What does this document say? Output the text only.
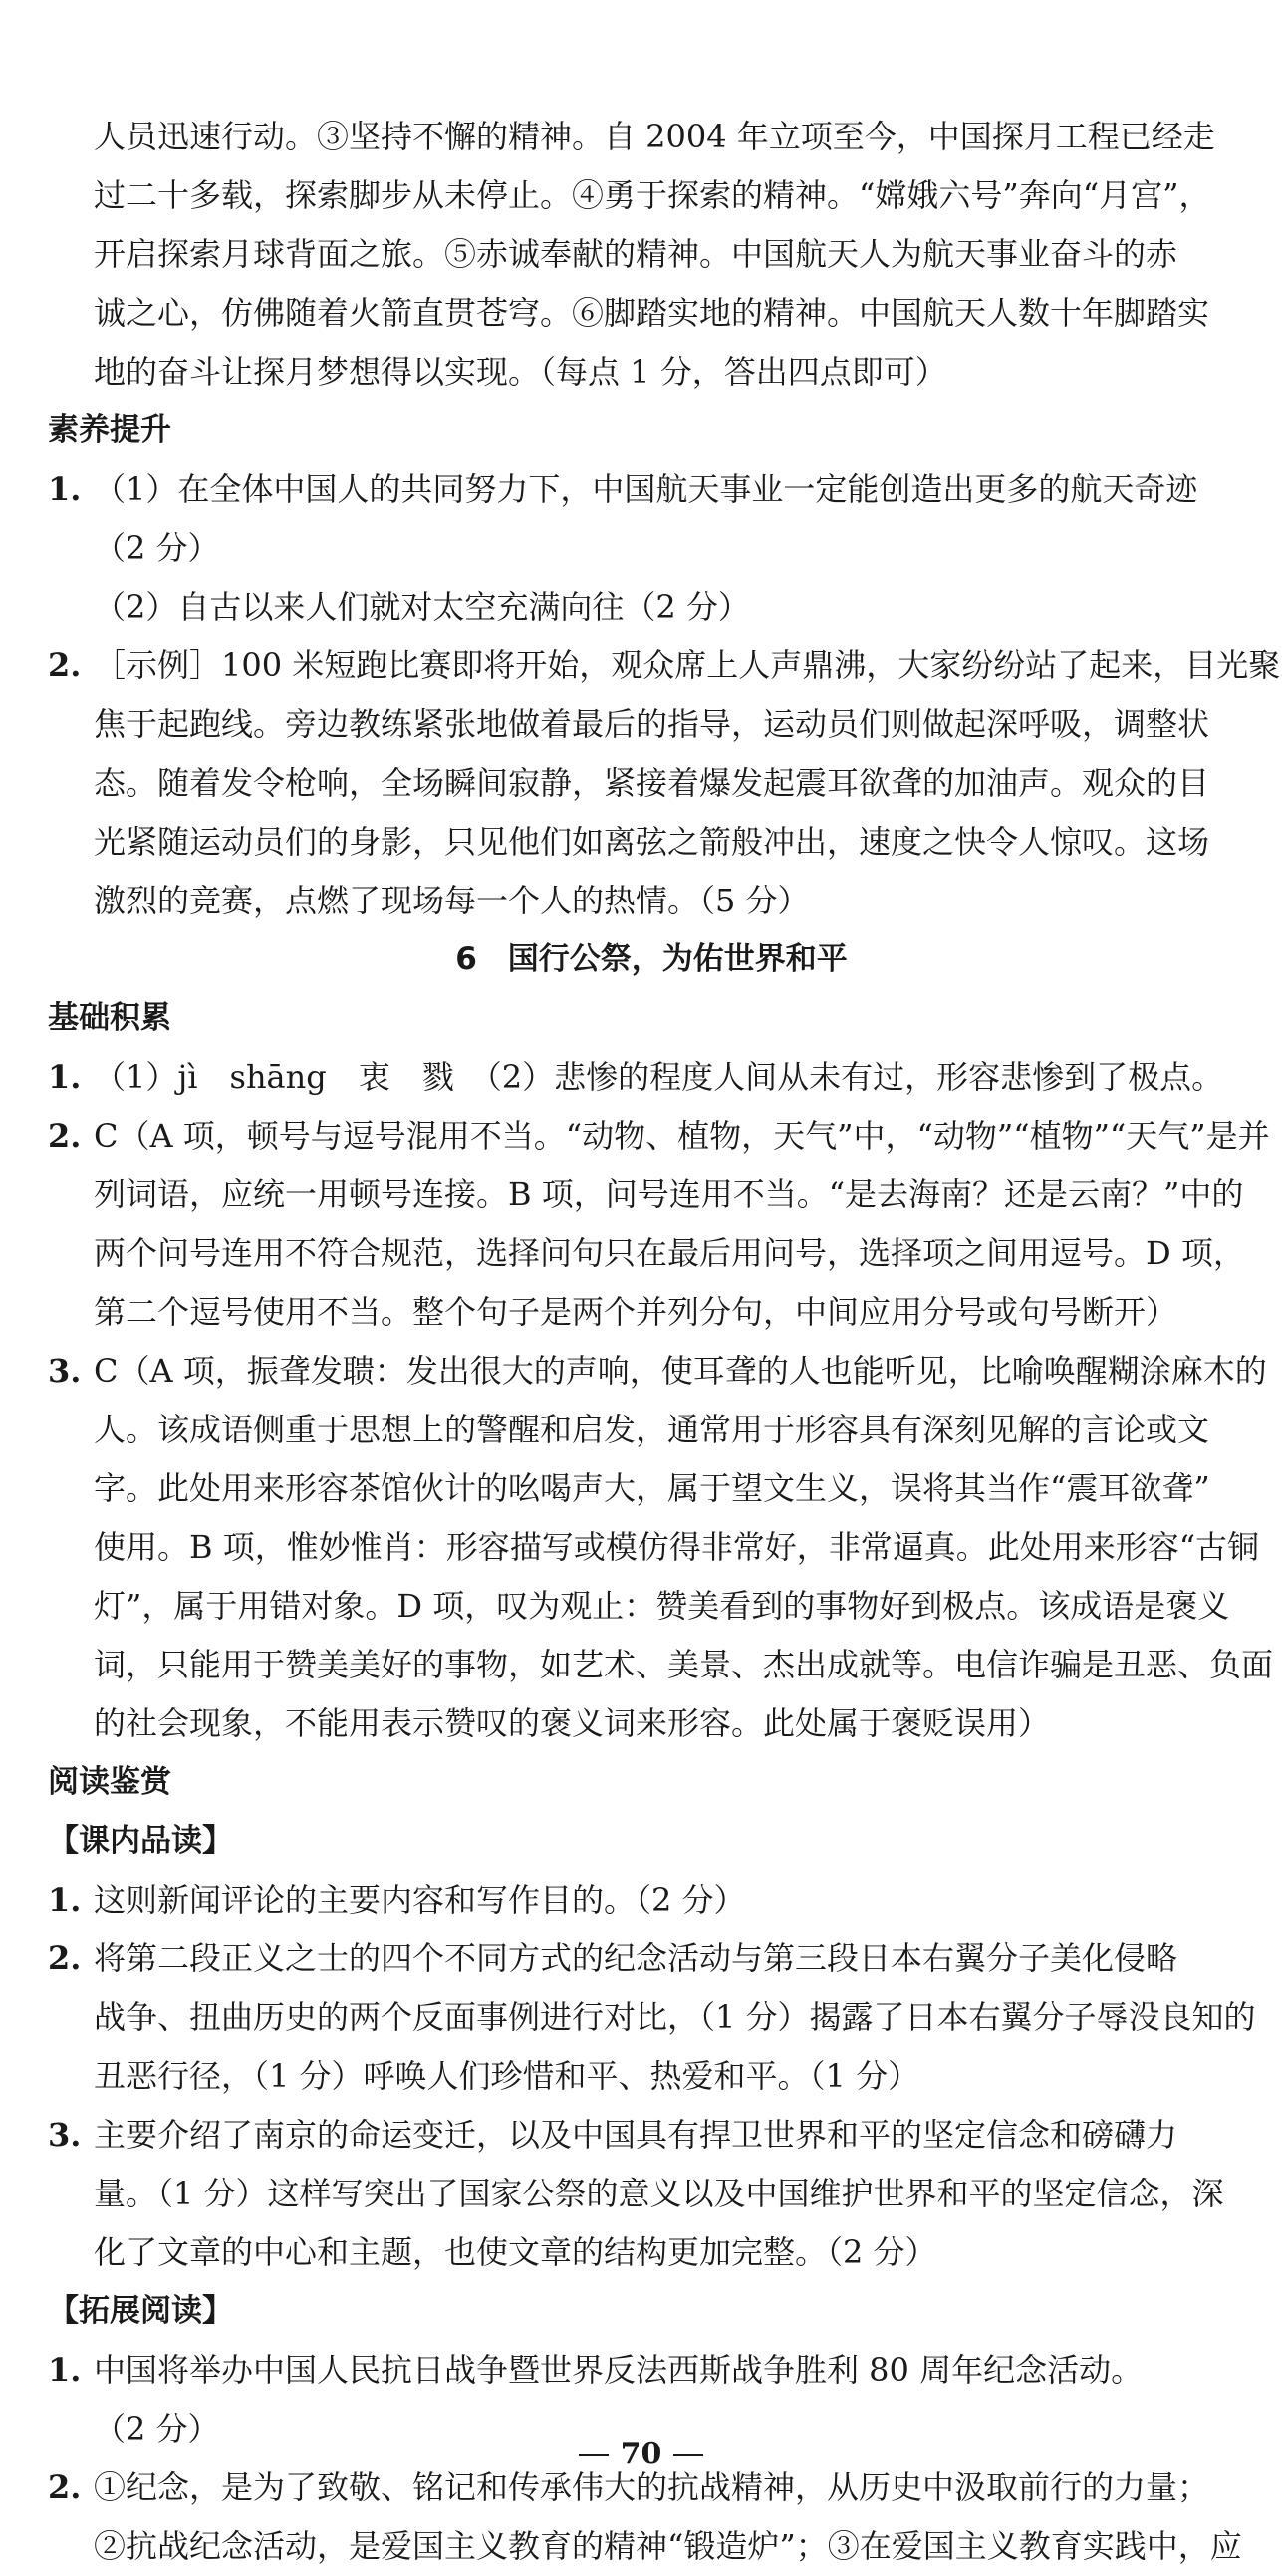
人员迅速行动。③坚持不懈的精神。自 2004 年立项至今，中国探月工程已经走
过二十多载，探索脚步从未停止。④勇于探索的精神。“嫦娥六号”奔向“月宫”，
开启探索月球背面之旅。⑤赤诚奉献的精神。中国航天人为航天事业奋斗的赤
诚之心，仿佛随着火箭直贯苍穹。⑥脚踏实地的精神。中国航天人数十年脚踏实
地的奋斗让探月梦想得以实现。（每点 1 分，答出四点即可）
素养提升
1. （1）在全体中国人的共同努力下，中国航天事业一定能创造出更多的航天奇迹
（2 分）
（2）自古以来人们就对太空充满向往（2 分）
2. ［示例］100 米短跑比赛即将开始，观众席上人声鼎沸，大家纷纷站了起来，目光聚
焦于起跑线。旁边教练紧张地做着最后的指导，运动员们则做起深呼吸，调整状
态。随着发令枪响，全场瞬间寂静，紧接着爆发起震耳欲聋的加油声。观众的目
光紧随运动员们的身影，只见他们如离弦之箭般冲出，速度之快令人惊叹。这场
激烈的竞赛，点燃了现场每一个人的热情。（5 分）
6　国行公祭，为佑世界和平
基础积累
1. （1）jì　shāng　衷　戮　（2）悲惨的程度人间从未有过，形容悲惨到了极点。
2. C（A 项，顿号与逗号混用不当。“动物、植物，天气”中，“动物”“植物”“天气”是并
列词语，应统一用顿号连接。B 项，问号连用不当。“是去海南？还是云南？”中的
两个问号连用不符合规范，选择问句只在最后用问号，选择项之间用逗号。D 项，
第二个逗号使用不当。整个句子是两个并列分句，中间应用分号或句号断开）
3. C（A 项，振聋发聩：发出很大的声响，使耳聋的人也能听见，比喻唤醒糊涂麻木的
人。该成语侧重于思想上的警醒和启发，通常用于形容具有深刻见解的言论或文
字。此处用来形容茶馆伙计的吆喝声大，属于望文生义，误将其当作“震耳欲聋”
使用。B 项，惟妙惟肖：形容描写或模仿得非常好，非常逼真。此处用来形容“古铜
灯”，属于用错对象。D 项，叹为观止：赞美看到的事物好到极点。该成语是褒义
词，只能用于赞美美好的事物，如艺术、美景、杰出成就等。电信诈骗是丑恶、负面
的社会现象，不能用表示赞叹的褒义词来形容。此处属于褒贬误用）
阅读鉴赏
【课内品读】
1. 这则新闻评论的主要内容和写作目的。（2 分）
2. 将第二段正义之士的四个不同方式的纪念活动与第三段日本右翼分子美化侵略
战争、扭曲历史的两个反面事例进行对比，（1 分）揭露了日本右翼分子辱没良知的
丑恶行径，（1 分）呼唤人们珍惜和平、热爱和平。（1 分）
3. 主要介绍了南京的命运变迁，以及中国具有捍卫世界和平的坚定信念和磅礴力
量。（1 分）这样写突出了国家公祭的意义以及中国维护世界和平的坚定信念，深
化了文章的中心和主题，也使文章的结构更加完整。（2 分）
【拓展阅读】
1. 中国将举办中国人民抗日战争暨世界反法西斯战争胜利 80 周年纪念活动。
（2 分）
2. ①纪念，是为了致敬、铭记和传承伟大的抗战精神，从历史中汲取前行的力量；
②抗战纪念活动，是爱国主义教育的精神“锻造炉”；③在爱国主义教育实践中，应
70
